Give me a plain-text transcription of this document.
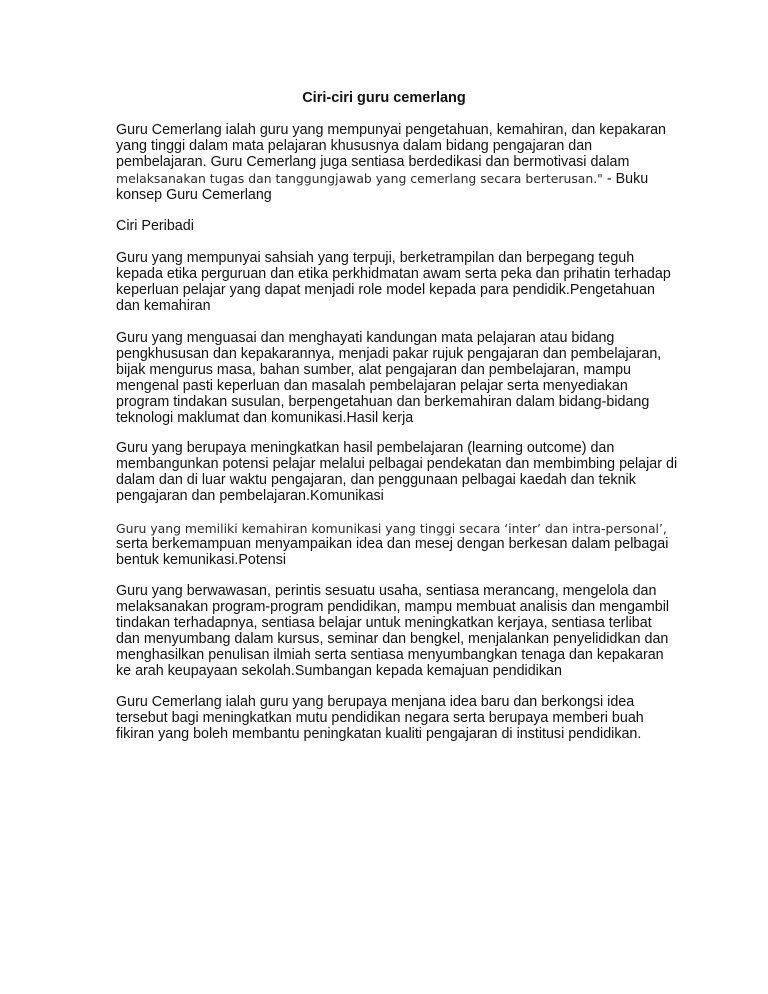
Ciri-ciri guru cemerlang
Guru Cemerlang ialah guru yang mempunyai pengetahuan, kemahiran, dan kepakaran
yang tinggi dalam mata pelajaran khususnya dalam bidang pengajaran dan
pembelajaran. Guru Cemerlang juga sentiasa berdedikasi dan bermotivasi dalam
melaksanakan tugas dan tanggungjawab yang cemerlang secara berterusan." - Buku
konsep Guru Cemerlang
Ciri Peribadi
Guru yang mempunyai sahsiah yang terpuji, berketrampilan dan berpegang teguh
kepada etika perguruan dan etika perkhidmatan awam serta peka dan prihatin terhadap
keperluan pelajar yang dapat menjadi role model kepada para pendidik.Pengetahuan
dan kemahiran
Guru yang menguasai dan menghayati kandungan mata pelajaran atau bidang
pengkhususan dan kepakarannya, menjadi pakar rujuk pengajaran dan pembelajaran,
bijak mengurus masa, bahan sumber, alat pengajaran dan pembelajaran, mampu
mengenal pasti keperluan dan masalah pembelajaran pelajar serta menyediakan
program tindakan susulan, berpengetahuan dan berkemahiran dalam bidang-bidang
teknologi maklumat dan komunikasi.Hasil kerja
Guru yang berupaya meningkatkan hasil pembelajaran (learning outcome) dan
membangunkan potensi pelajar melalui pelbagai pendekatan dan membimbing pelajar di
dalam dan di luar waktu pengajaran, dan penggunaan pelbagai kaedah dan teknik
pengajaran dan pembelajaran.Komunikasi
Guru yang memiliki kemahiran komunikasi yang tinggi secara ‘inter’ dan intra-personal’,
serta berkemampuan menyampaikan idea dan mesej dengan berkesan dalam pelbagai
bentuk kemunikasi.Potensi
Guru yang berwawasan, perintis sesuatu usaha, sentiasa merancang, mengelola dan
melaksanakan program-program pendidikan, mampu membuat analisis dan mengambil
tindakan terhadapnya, sentiasa belajar untuk meningkatkan kerjaya, sentiasa terlibat
dan menyumbang dalam kursus, seminar dan bengkel, menjalankan penyelididkan dan
menghasilkan penulisan ilmiah serta sentiasa menyumbangkan tenaga dan kepakaran
ke arah keupayaan sekolah.Sumbangan kepada kemajuan pendidikan
Guru Cemerlang ialah guru yang berupaya menjana idea baru dan berkongsi idea
tersebut bagi meningkatkan mutu pendidikan negara serta berupaya memberi buah
fikiran yang boleh membantu peningkatan kualiti pengajaran di institusi pendidikan.
